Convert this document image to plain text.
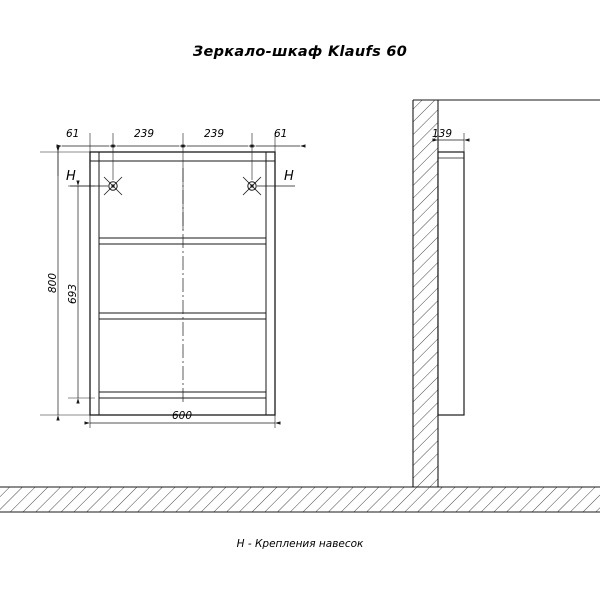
Зеркало-шкаф Klaufs 60
139
H	H
61	239	239	61
600
800
693
H - Крепления навесок
